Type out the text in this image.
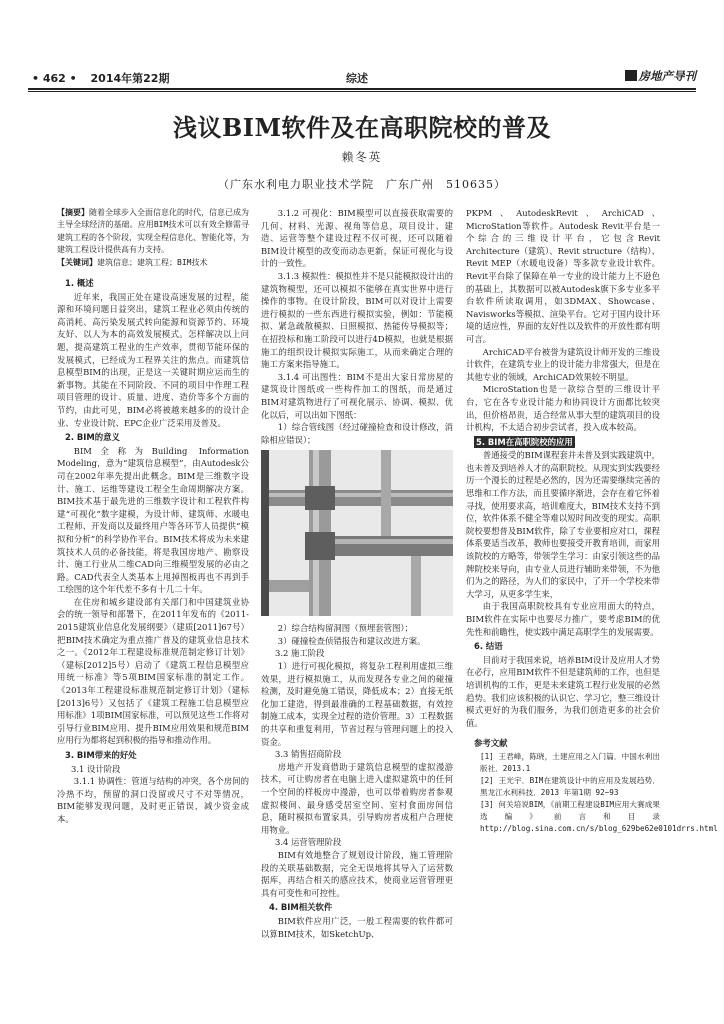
• 462 • 2014年第22期	综述	房地产导刊
浅议BIM软件及在高职院校的普及
赖冬英
（广东水利电力职业技术学院　广东广州　510635）

【摘要】随着全球步入全面信息化的时代，信息已成为主导全球经济的基础。应用BIM技术可以有效全修需寻建筑工程的各个阶段，实现全程信息化、智能化等，为建筑工程设计提供高有力支持。

【关键词】建筑信息；建筑工程；BIM技术

1. 概述

近年来，我国正处在建设高速发展的过程，能源和环境问题日益突出，建筑工程业必须由传统的高消耗、高污染发展式转向能源和资源节约、环境友好、以人为本的高效发展模式。怎样解决以上问题，提高建筑工程业的生产效率，贯彻节能环保的发展模式，已经成为工程界关注的焦点。而建筑信息模型BIM的出现，正是这一关键时期应运而生的新事物。其能在不同阶段、不同的项目中作理工程项目管理的设计、质量、进度、造价等多个方面的节约，由此可见，BIM必将被越来越多的的设计企业、专业设计院、EPC企业广泛采用及普及。

2. BIM的意义

BIM全称为Building Information Modeling，意为“建筑信息模型”，由Autodesk公司在2002年率先提出此概念。BIM是三维数字设计、施工、运维等建设工程全生命周期解决方案。BIM技术基于最先进的三维数字设计和工程软件构建“可视化”数字建模，为设计师、建筑师、水暖电工程师、开发商以及最终用户等各环节人员提供“模拟和分析”的科学协作平台。BIM技术将成为未来建筑技术人员的必备技能，将是我国房地产、勘察设计、施工行业从二维CAD向三维模型发展的必由之路。CAD代表全人类基本上甩掉图板再也不再到手工绘图的这个年代差不多有十几二十年。

在住房和城乡建设部有关部门和中国建筑业协会的统一领导和部署下，在2011年发布的《2011-2015建筑业信息化发展纲要》（建质[2011]67号）把BIM技术确定为重点推广普及的建筑业信息技术之一。《2012年工程建设标准规范制定修订计划》（建标[2012]5号）启动了《建筑工程信息模型应用统一标准》等5项BIM国家标准的制定工作。《2013年工程建设标准规范制定修订计划》（建标[2013]6号）又包括了《建筑工程施工信息模型应用标准》1项BIM国家标准，可以预见这些工作将对引导行业BIM应用、提升BIM应用效果和规范BIM应用行为都将起到积极的指导和推动作用。

3. BIM带来的好处
3.1 设计阶段

3.1.1 协调性：管道与结构的冲突，各个房间的冷热不均，预留的洞口没留或尺寸不对等情况，BIM能够发现问题，及时更正错误，减少资金成本。

3.1.2 可视化：BIM模型可以直接获取需要的几何、材料、光源、视角等信息，项目设计、建造、运营等整个建设过程不仅可视，还可以随着BIM设计模型的改变而动态更新，保证可视化与设计的一致性。

3.1.3 模拟性：模拟性并不是只能模拟设计出的建筑物模型，还可以模拟不能够在真实世界中进行操作的事物。在设计阶段，BIM可以对设计上需要进行模拟的一些东西进行模拟实验，例如：节能模拟、紧急疏散模拟、日照模拟、热能传导模拟等；在招投标和施工阶段可以进行4D模拟，也就是根据施工的组织设计模拟实际施工，从而来确定合理的施工方案来指导施工。

3.1.4 可出图性：BIM不是出大家日常房屋的建筑设计图纸或一些构件加工的图纸，而是通过BIM对建筑物进行了可视化展示、协调、模拟、优化以后，可以出如下图纸：

1）综合管线图（经过碰撞检查和设计修改，消除相应错误）；

2）综合结构留洞图（预埋套管图）；

3）碰撞检查侦错报告和建议改进方案。

3.2 施工阶段

1）进行可视化模拟，将复杂工程利用虚拟三维效果，进行模拟施工，从而发现各专业之间的碰撞检测，及时避免施工错误，降低成本；2）直接无纸化加工建造，得到最准确的工程基础数据，有效控制施工成本，实现全过程的造价管理。3）工程数据的共享和重复利用，节省过程与管理问题上的投入资金。

3.3 销售招商阶段

房地产开发商借助于建筑信息模型的虚拟漫游技术，可让购房者在电脑上进入虚拟建筑中的任何一个空间的样板房中漫游，也可以带着购房者参观虚拟楼间、最身感受居室空间、室村食面房间信息，随时模拟布置家具，引导购房者成租户合理使用物业。

3.4 运营管理阶段

BIM有效地整合了规划设计阶段，施工管理阶段的关联基础数据，完全无误地将其导入了运营数据库，再结合相关的感应技术，使商业运营管理更具有可变性和可控性。

4. BIM相关软件

BIM软件应用广泛，一般工程需要的软件都可以算BIM技术，如SketchUp、

PKPM、AutodeskRevit、ArchiCAD、MicroStation等软件。Autodesk Revit平台是一个综合的三维设计平台，它包含Revit Architecture（建筑）、Revit structure（结构）、Revit MEP（水暖电设备）等多款专业设计软件。Revit平台除了保障在单一专业的设计能力上不逊色的基础上，其数据可以被Autodesk旗下多专业多平台软件所读取调用，如3DMAX、Showcase、Navisworks等模拟、渲染平台。它对于国内设计环境的适应性，界面的友好性以及软件的开放性都有明可言。

ArchiCAD平台被誉为建筑设计师开发的三维设计软件，在建筑专业上的设计能力非常强大，但是在其他专业的领域，ArchiCAD效果较不明显。

MicroStation也是一款综合型的三维设计平台，它在各专业设计能力和协同设计方面都比较突出，但价格昂贵，适合经常从事大型的建筑项目的设计机构，不太适合初步尝试者，投入成本较高。

5. BIM在高职院校的应用

普通接受的BIM课程套并未普及到实践建筑中，也未普及到培养人才的高职院校。从现实到实践要经历一个漫长的过程是必然的，因为还需要继续完善的思维和工作方法，而且要循序渐进，会存在着它怀着寻找，使用要求高，培训难度大，BIM技术支持不到位，软件体系不健全等难以短时间改变的现实。高职院校要想普及BIM软件，除了专业要相应对口，课程体系要适当改革，教师也要接受开教育培训，而家用该院校的方略等，带领学生学习：由家引领这些的品牌院校来导向，由专业人员进行辅助来带领，不为他们为之的路径，为人们的家民中，了开一个学校来带大学习，从更多学生来，

由于我国高职院校具有专业应用面大的特点，BIM软件在实际中也要尽力推广，要考虑BIM的优先性和前瞻性，使实践中满足高职学生的发展需要。

6. 结语

目前对于我国来说，培养BIM设计及应用人才势在必行，应用BIM软件不但是建筑师的工作，也但是培训机构的工作，更是未来建筑工程行业发展的必然趋势。我们应该积极的认识它、学习它，整三维设计模式更好的为我们服务，为我们创造更多的社会价值。

参考文献

[1] 王君峰，陈晓，土建应用之入门篇．中国水利出版社．2013.1

[2] 王光宇．BIM在建筑设计中的应用及发展趋势．黑龙江水利科技．2013 年第1期 92~93

[3] 何关培说BIM，《前期工程建设BIM应用大赛成果选编》前言和目录 http://blog.sina.com.cn/s/blog_629be62e0101drrs.html
